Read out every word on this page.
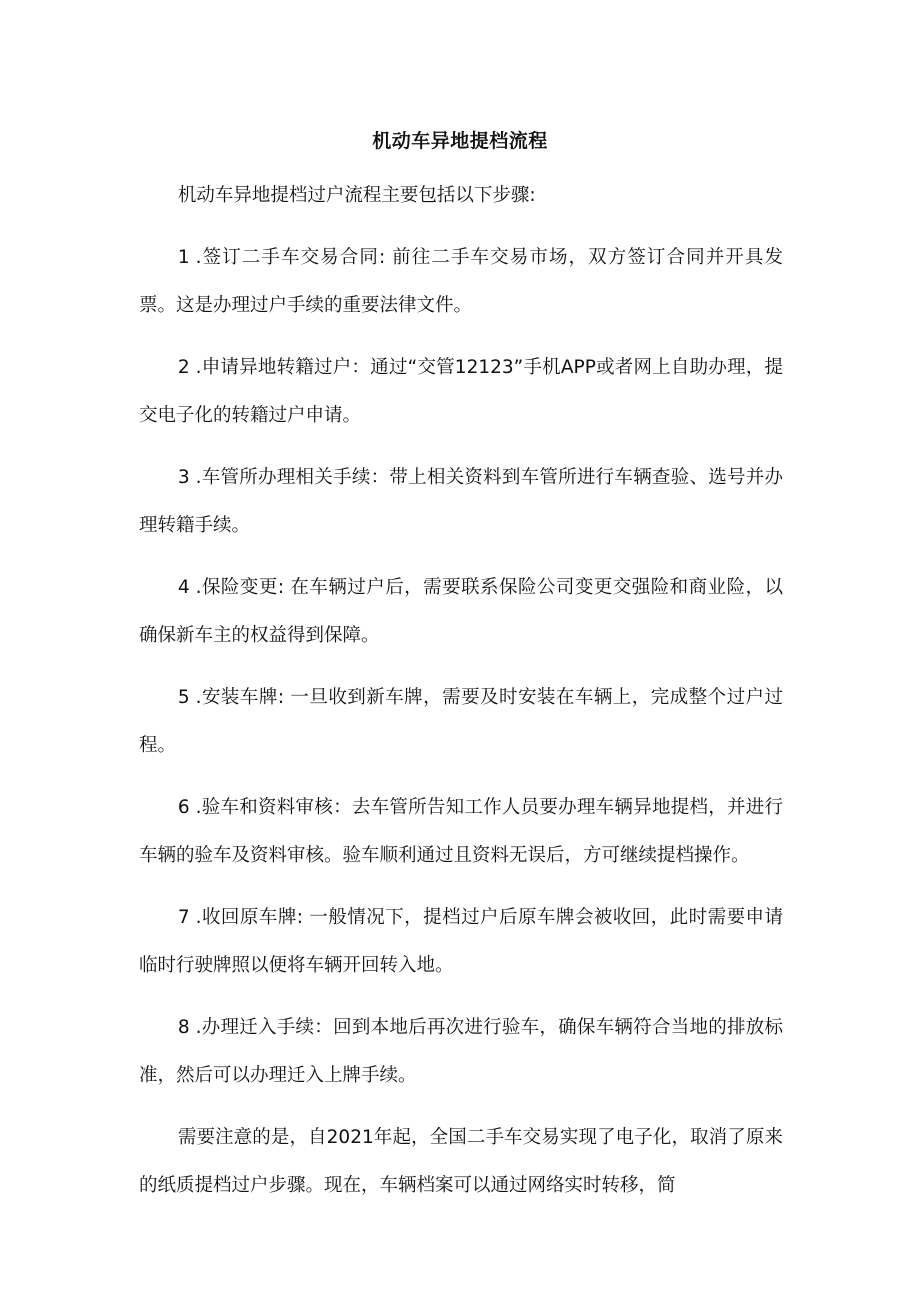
机动车异地提档流程

机动车异地提档过户流程主要包括以下步骤:

1 .签订二手车交易合同: 前往二手车交易市场，双方签订合同并开具发票。这是办理过户手续的重要法律文件。

2 .申请异地转籍过户：通过“交管12123”手机APP或者网上自助办理，提交电子化的转籍过户申请。

3 .车管所办理相关手续：带上相关资料到车管所进行车辆查验、选号并办理转籍手续。

4 .保险变更: 在车辆过户后，需要联系保险公司变更交强险和商业险，以确保新车主的权益得到保障。

5 .安装车牌: 一旦收到新车牌，需要及时安装在车辆上，完成整个过户过程。

6 .验车和资料审核：去车管所告知工作人员要办理车辆异地提档，并进行车辆的验车及资料审核。验车顺利通过且资料无误后，方可继续提档操作。

7 .收回原车牌: 一般情况下，提档过户后原车牌会被收回，此时需要申请临时行驶牌照以便将车辆开回转入地。

8 .办理迁入手续：回到本地后再次进行验车，确保车辆符合当地的排放标准，然后可以办理迁入上牌手续。

需要注意的是，自2021年起，全国二手车交易实现了电子化，取消了原来的纸质提档过户步骤。现在，车辆档案可以通过网络实时转移，简
